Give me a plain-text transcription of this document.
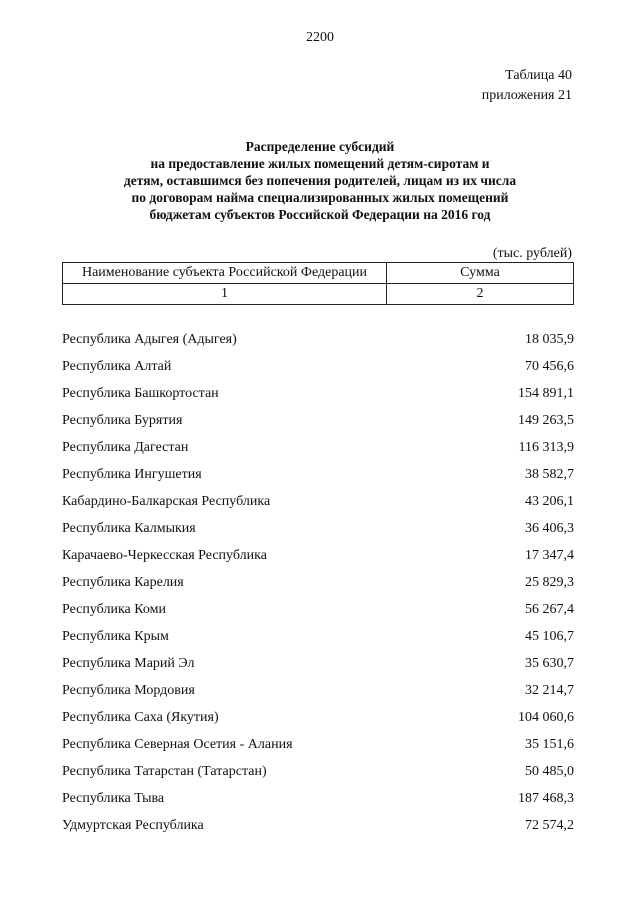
2200
Таблица 40
приложения 21
Распределение субсидий
на предоставление жилых помещений детям-сиротам и
детям, оставшимся без попечения родителей, лицам из их числа
по договорам найма специализированных жилых помещений
бюджетам субъектов Российской Федерации на 2016 год
(тыс. рублей)
Наименование субъекта Российской Федерации	Сумма
1	2
Республика Адыгея (Адыгея)	18 035,9
Республика Алтай	70 456,6
Республика Башкортостан	154 891,1
Республика Бурятия	149 263,5
Республика Дагестан	116 313,9
Республика Ингушетия	38 582,7
Кабардино-Балкарская Республика	43 206,1
Республика Калмыкия	36 406,3
Карачаево-Черкесская Республика	17 347,4
Республика Карелия	25 829,3
Республика Коми	56 267,4
Республика Крым	45 106,7
Республика Марий Эл	35 630,7
Республика Мордовия	32 214,7
Республика Саха (Якутия)	104 060,6
Республика Северная Осетия - Алания	35 151,6
Республика Татарстан (Татарстан)	50 485,0
Республика Тыва	187 468,3
Удмуртская Республика	72 574,2
